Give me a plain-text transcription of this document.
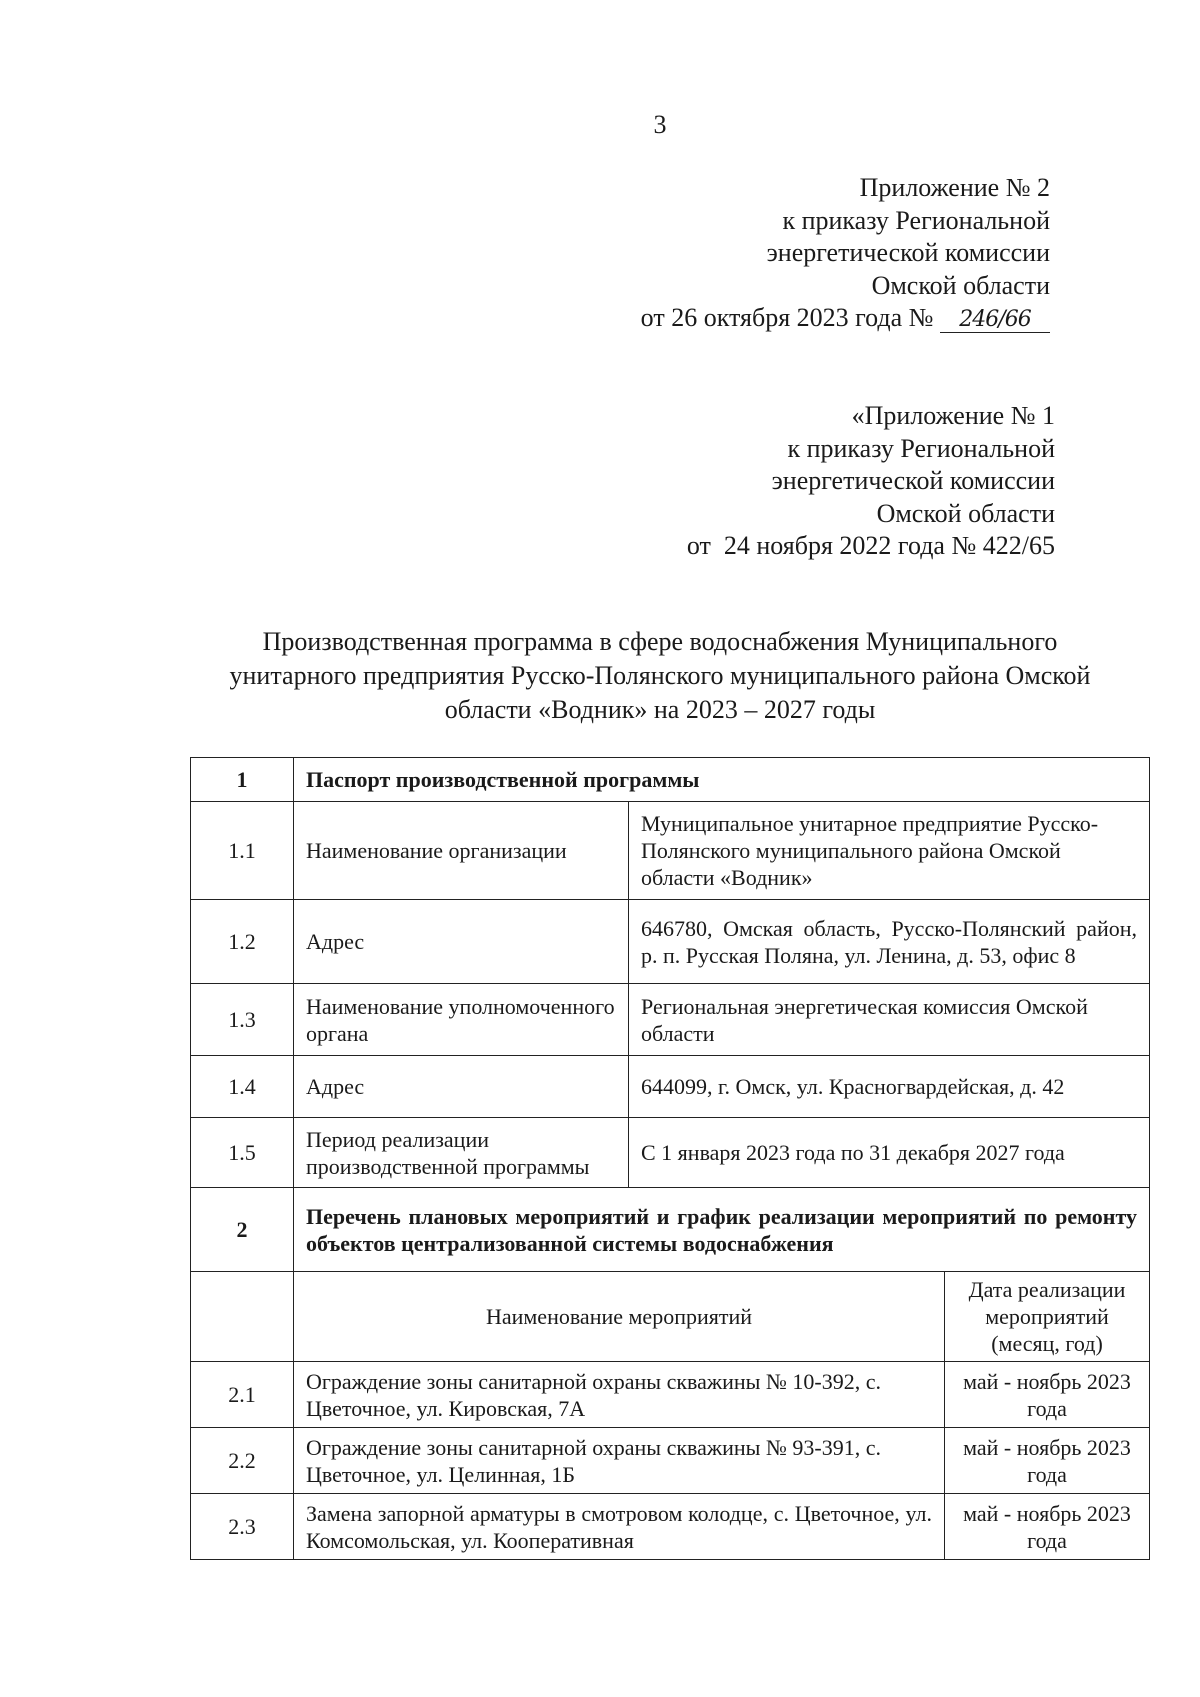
3
Приложение № 2
к приказу Региональной
энергетической комиссии
Омской области
от 26 октября 2023 года № 246/66
«Приложение № 1
к приказу Региональной
энергетической комиссии
Омской области
от  24 ноября 2022 года № 422/65
Производственная программа в сфере водоснабжения Муниципального
унитарного предприятия Русско-Полянского муниципального района Омской
области «Водник» на 2023 – 2027 годы
1	Паспорт производственной программы		
1.1	Наименование организации	Муниципальное унитарное предприятие Русско-Полянского муниципального района Омской области «Водник»	
1.2	Адрес	646780, Омская область, Русско-Полянский район, р. п. Русская Поляна, ул. Ленина, д. 53, офис 8	
1.3	Наименование уполномоченного органа	Региональная энергетическая комиссия Омской области	
1.4	Адрес	644099, г. Омск, ул. Красногвардейская, д. 42	
1.5	Период реализации производственной программы	С 1 января 2023 года по 31 декабря 2027 года	
2	Перечень плановых мероприятий и график реализации мероприятий по ремонту объектов централизованной системы водоснабжения		
	Наименование мероприятий		Дата реализации мероприятий (месяц, год)
2.1	Ограждение зоны санитарной охраны скважины № 10-392, с. Цветочное, ул. Кировская, 7А		май - ноябрь 2023 года
2.2	Ограждение зоны санитарной охраны скважины № 93-391, с. Цветочное, ул. Целинная, 1Б		май - ноябрь 2023 года
2.3	Замена запорной арматуры в смотровом колодце, с. Цветочное, ул. Комсомольская, ул. Кооперативная		май - ноябрь 2023 года
